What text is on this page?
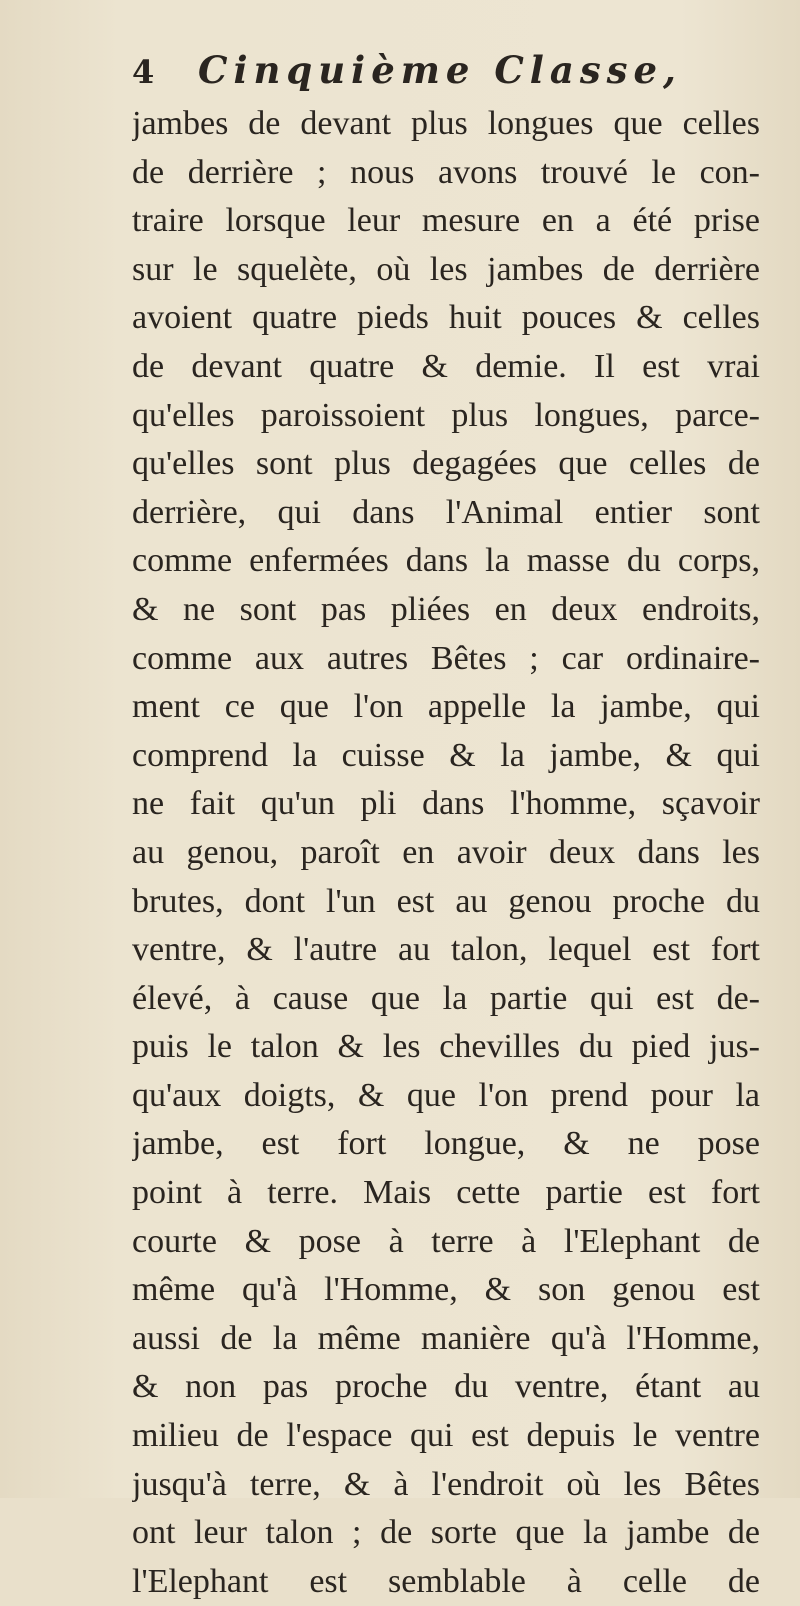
4	Cinquième Classe,
jambes de devant plus longues que celles
de derrière ; nous avons trouvé le con-
traire lorsque leur mesure en a été prise
sur le squelète, où les jambes de derrière
avoient quatre pieds huit pouces & celles
de devant quatre & demie. Il est vrai
qu'elles paroissoient plus longues, parce-
qu'elles sont plus degagées que celles de
derrière, qui dans l'Animal entier sont
comme enfermées dans la masse du corps,
& ne sont pas pliées en deux endroits,
comme aux autres Bêtes ; car ordinaire-
ment ce que l'on appelle la jambe, qui
comprend la cuisse & la jambe, & qui
ne fait qu'un pli dans l'homme, sçavoir
au genou, paroît en avoir deux dans les
brutes, dont l'un est au genou proche du
ventre, & l'autre au talon, lequel est fort
élevé, à cause que la partie qui est de-
puis le talon & les chevilles du pied jus-
qu'aux doigts, & que l'on prend pour la
jambe, est fort longue, & ne pose
point à terre. Mais cette partie est fort
courte & pose à terre à l'Elephant de
même qu'à l'Homme, & son genou est
aussi de la même manière qu'à l'Homme,
& non pas proche du ventre, étant au
milieu de l'espace qui est depuis le ventre
jusqu'à terre, & à l'endroit où les Bêtes
ont leur talon ; de sorte que la jambe de
l'Elephant est semblable à celle de
